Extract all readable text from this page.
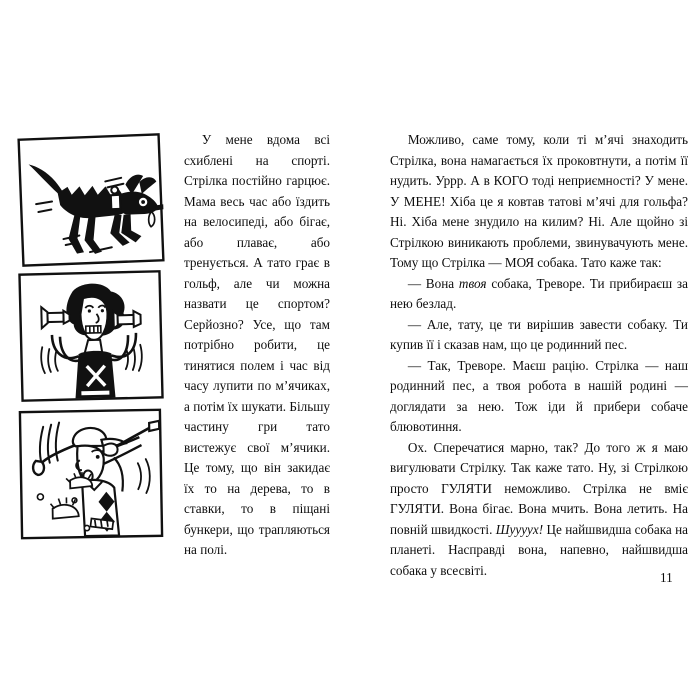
У мене вдома всі схиблені на спорті. Стрілка постійно гарцює. Мама весь час або їздить на велосипеді, або бігає, або плаває, або тренується. А тато грає в гольф, але чи можна назвати це спортом? Серйозно? Усе, що там потрібно робити, це тинятися полем і час від часу лупити по м’ячиках, а потім їх шукати. Більшу частину гри тато вистежує свої м’ячики. Це тому, що він закидає їх то на дерева, то в ставки, то в піщані бункери, що трапляються на полі.

Можливо, саме тому, коли ті м’ячі знаходить Стрілка, вона намагається їх проковтнути, а потім її нудить. Уррр. А в КОГО тоді неприємності? У мене. У МЕНЕ! Хіба це я ковтав татові м’ячі для гольфа? Ні. Хіба мене знудило на килим? Ні. Але щойно зі Стрілкою виникають проблеми, звинувачують мене. Тому що Стрілка — МОЯ собака. Тато каже так:

— Вона твоя собака, Треворе. Ти прибираєш за нею безлад.

— Але, тату, це ти вирішив завести собаку. Ти купив її і сказав нам, що це родинний пес.

— Так, Треворе. Маєш рацію. Стрілка — наш родинний пес, а твоя робота в нашій родині — доглядати за нею. Тож іди й прибери собаче блювотиння.

Ох. Сперечатися марно, так? До того ж я маю вигулювати Стрілку. Так каже тато. Ну, зі Стрілкою просто ГУЛЯТИ неможливо. Стрілка не вміє ГУЛЯТИ. Вона бігає. Вона мчить. Вона летить. На повній швидкості. Шууууx! Це найшвидша собака на планеті. Насправді вона, напевно, найшвидша собака у всесвіті.	11
